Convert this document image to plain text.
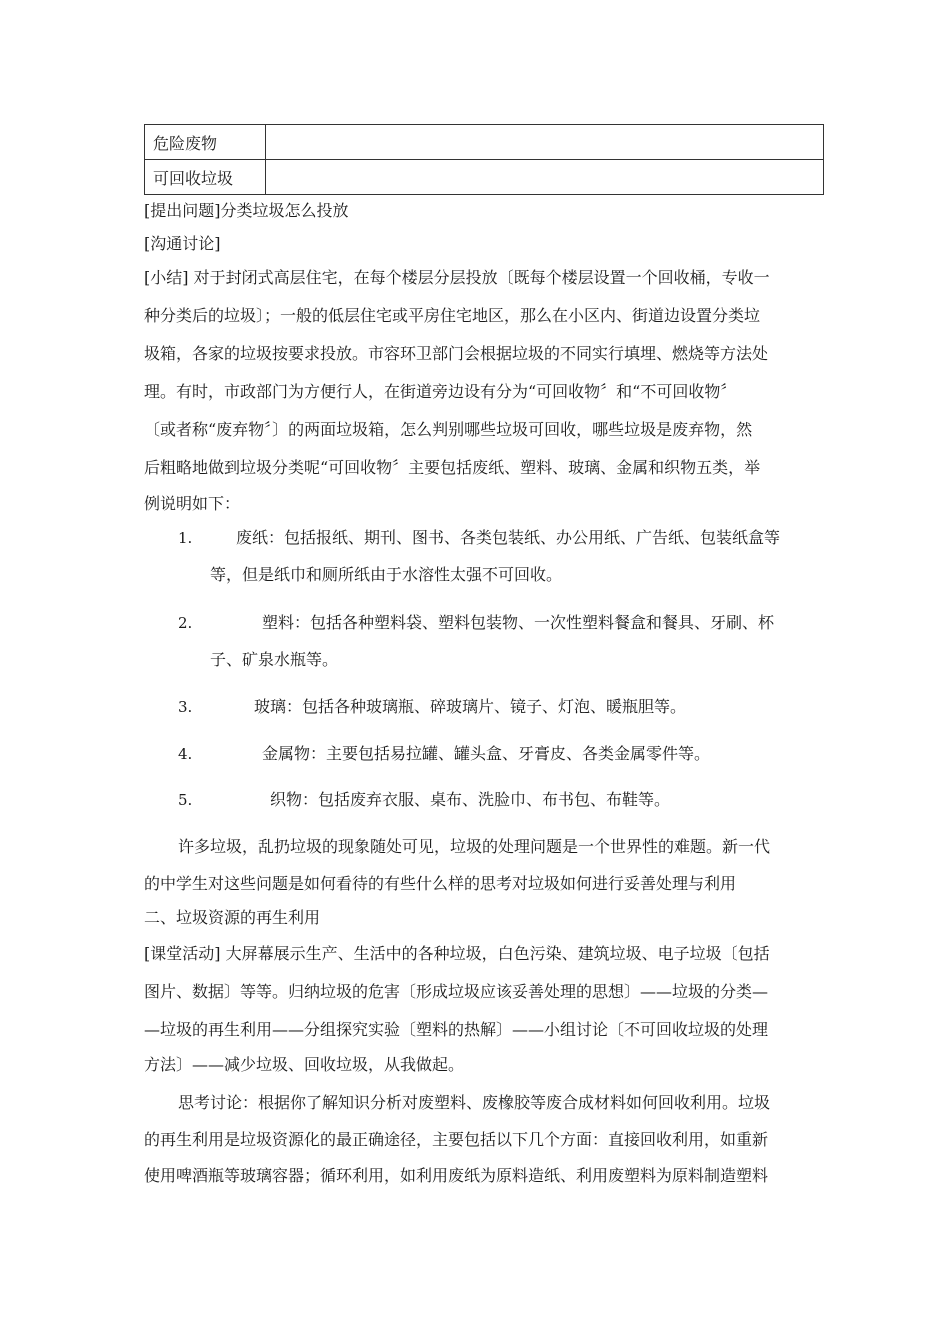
危险废物	
可回收垃圾	
[提出问题]分类垃圾怎么投放
[沟通讨论]
[小结] 对于封闭式高层住宅，在每个楼层分层投放〔既每个楼层设置一个回收桶，专收一
种分类后的垃圾〕；一般的低层住宅或平房住宅地区，那么在小区内、街道边设置分类垃
圾箱，各家的垃圾按要求投放。市容环卫部门会根据垃圾的不同实行填埋、燃烧等方法处
理。有时，市政部门为方便行人，在街道旁边设有分为“可回收物〞和“不可回收物〞
〔或者称“废弃物〞〕的两面垃圾箱，怎么判别哪些垃圾可回收，哪些垃圾是废弃物，然
后粗略地做到垃圾分类呢“可回收物〞主要包括废纸、塑料、玻璃、金属和织物五类，举
例说明如下：
1.	废纸：包括报纸、期刊、图书、各类包装纸、办公用纸、广告纸、包装纸盒等
等，但是纸巾和厕所纸由于水溶性太强不可回收。
2.	塑料：包括各种塑料袋、塑料包装物、一次性塑料餐盒和餐具、牙刷、杯
子、矿泉水瓶等。
3.	玻璃：包括各种玻璃瓶、碎玻璃片、镜子、灯泡、暖瓶胆等。
4.	金属物：主要包括易拉罐、罐头盒、牙膏皮、各类金属零件等。
5.	织物：包括废弃衣服、桌布、洗脸巾、布书包、布鞋等。
许多垃圾，乱扔垃圾的现象随处可见，垃圾的处理问题是一个世界性的难题。新一代
的中学生对这些问题是如何看待的有些什么样的思考对垃圾如何进行妥善处理与利用
二、垃圾资源的再生利用
[课堂活动] 大屏幕展示生产、生活中的各种垃圾，白色污染、建筑垃圾、电子垃圾〔包括
图片、数据〕等等。归纳垃圾的危害〔形成垃圾应该妥善处理的思想〕——垃圾的分类—
—垃圾的再生利用——分组探究实验〔塑料的热解〕——小组讨论〔不可回收垃圾的处理
方法〕——减少垃圾、回收垃圾，从我做起。
思考讨论：根据你了解知识分析对废塑料、废橡胶等废合成材料如何回收利用。垃圾
的再生利用是垃圾资源化的最正确途径，主要包括以下几个方面：直接回收利用，如重新
使用啤酒瓶等玻璃容器；循环利用，如利用废纸为原料造纸、利用废塑料为原料制造塑料
